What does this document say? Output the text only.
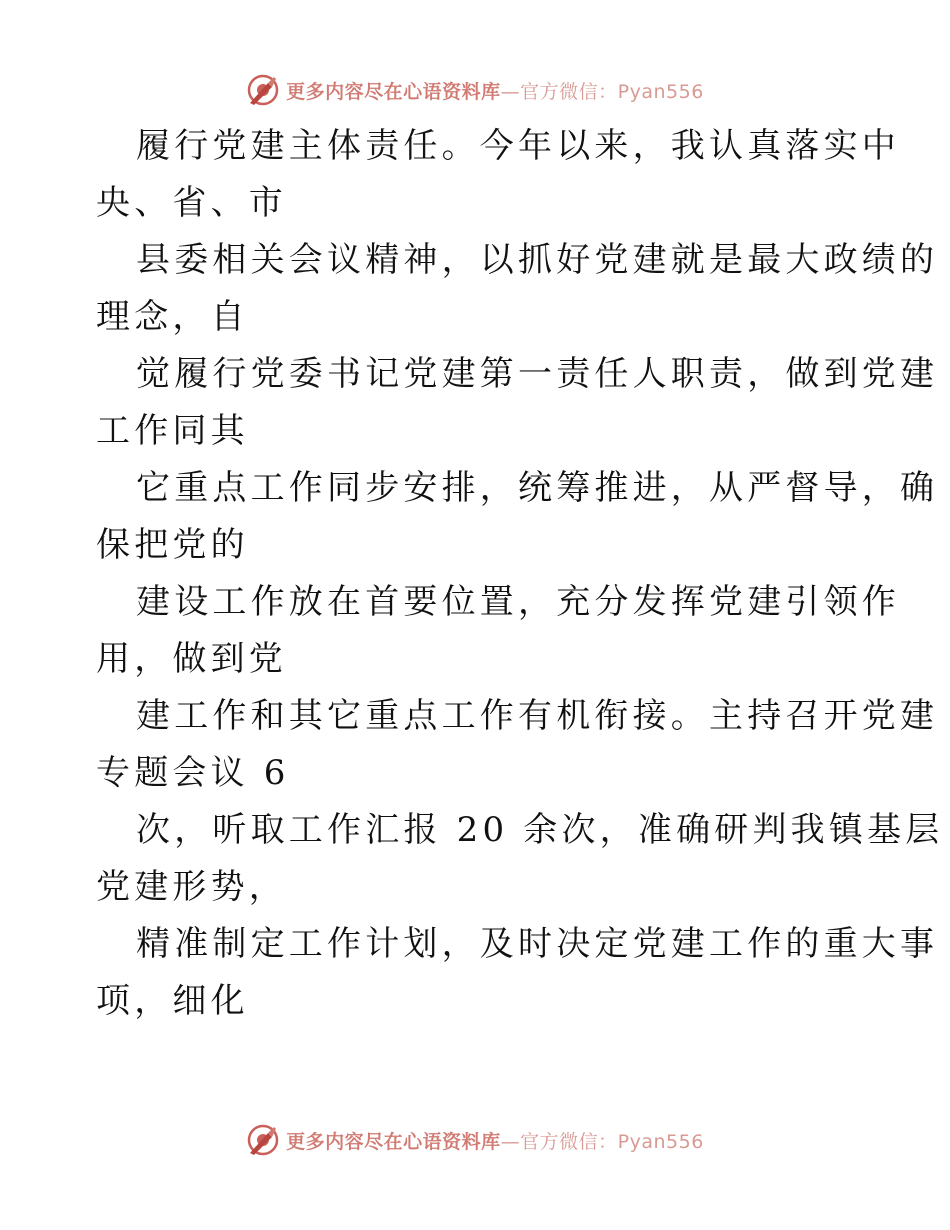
更多内容尽在心语资料库—官方微信：Pyan556

履行党建主体责任。今年以来，我认真落实中
央、省、市

县委相关会议精神，以抓好党建就是最大政绩的
理念，自

觉履行党委书记党建第一责任人职责，做到党建
工作同其

它重点工作同步安排，统筹推进，从严督导，确
保把党的

建设工作放在首要位置，充分发挥党建引领作
用，做到党

建工作和其它重点工作有机衔接。主持召开党建
专题会议 6

次，听取工作汇报 20 余次，准确研判我镇基层
党建形势，

精准制定工作计划，及时决定党建工作的重大事
项，细化

更多内容尽在心语资料库—官方微信：Pyan556
